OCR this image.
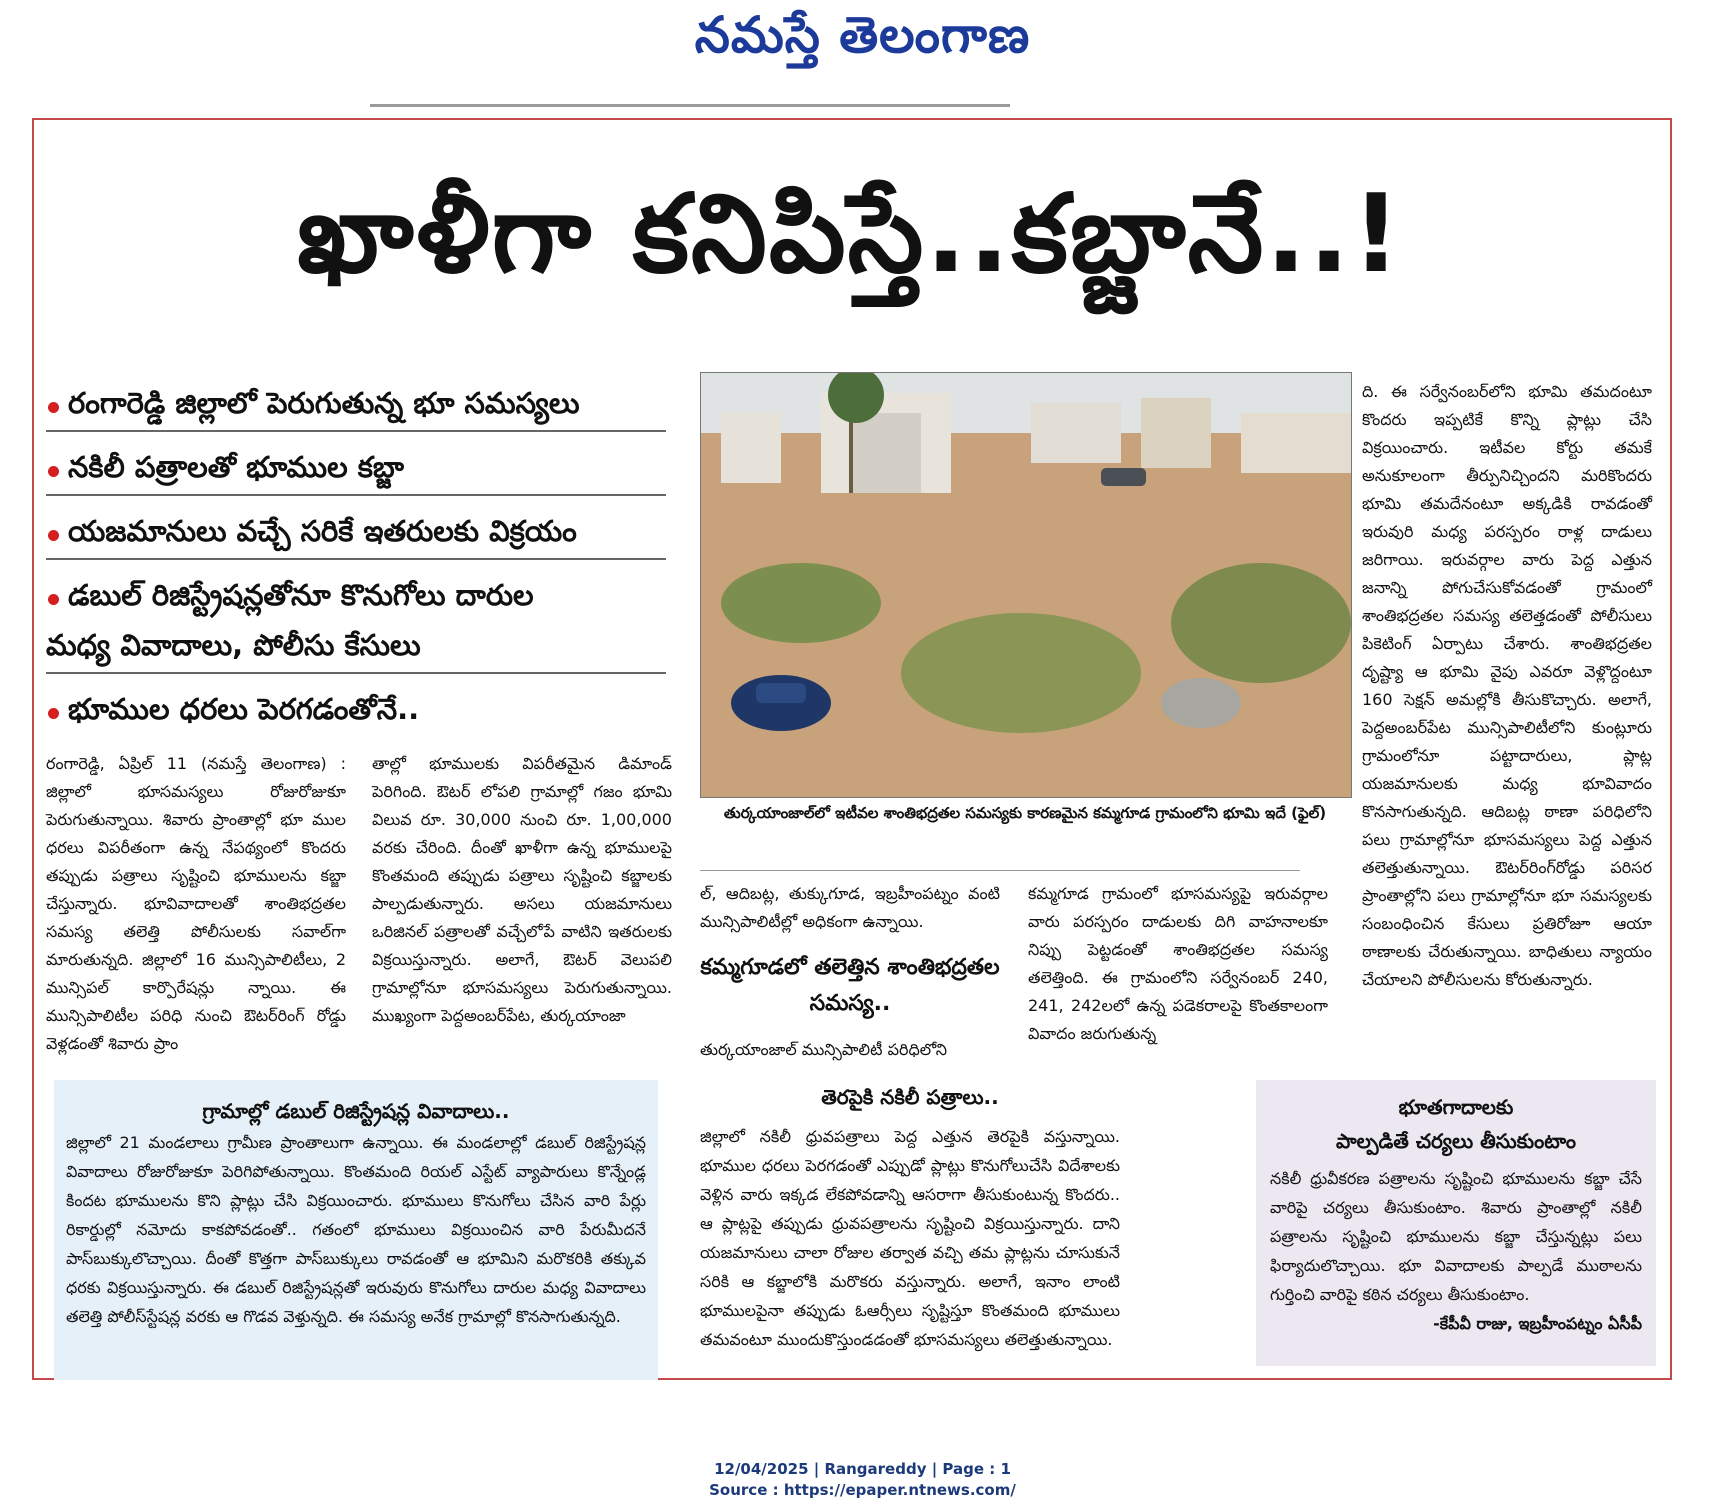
నమస్తే తెలంగాణ
ఖాళీగా కనిపిస్తే..కబ్జానే..!
రంగారెడ్డి జిల్లాలో పెరుగుతున్న భూ సమస్యలు
నకిలీ పత్రాలతో భూముల కబ్జా
యజమానులు వచ్చే సరికే ఇతరులకు విక్రయం
డబుల్ రిజిస్ట్రేషన్లతోనూ కొనుగోలు దారుల
మధ్య వివాదాలు, పోలీసు కేసులు
భూముల ధరలు పెరగడంతోనే..
తుర్కయాంజాల్‌లో ఇటీవల శాంతిభద్రతల సమస్యకు కారణమైన కమ్మగూడ గ్రామంలోని భూమి ఇదే (ఫైల్)
రంగారెడ్డి, ఏప్రిల్ 11 (నమస్తే తెలంగాణ) : జిల్లాలో భూసమస్యలు రోజురోజుకూ పెరుగుతున్నాయి. శివారు ప్రాంతాల్లో భూ ముల ధరలు విపరీతంగా ఉన్న నేపథ్యంలో కొందరు తప్పుడు పత్రాలు సృష్టించి భూములను కబ్జా చేస్తున్నారు. భూవివాదాలతో శాంతిభద్రతల సమస్య తలెత్తి పోలీసులకు సవాల్‌గా మారుతున్నది. జిల్లాలో 16 మున్సిపాలిటీలు, 2 మున్సిపల్ కార్పొరేషన్లు న్నాయి. ఈ మున్సిపాలిటీల పరిధి నుంచి ఔటర్‌రింగ్ రోడ్డు వెళ్లడంతో శివారు ప్రాం
తాల్లో భూములకు విపరీతమైన డిమాండ్ పెరిగింది. ఔటర్ లోపలి గ్రామాల్లో గజం భూమి విలువ రూ. 30,000 నుంచి రూ. 1,00,000 వరకు చేరింది. దీంతో ఖాళీగా ఉన్న భూములపై కొంతమంది తప్పుడు పత్రాలు సృష్టించి కబ్జాలకు పాల్పడుతున్నారు. అసలు యజమానులు ఒరిజినల్ పత్రాలతో వచ్చేలోపే వాటిని ఇతరులకు విక్రయిస్తున్నారు. అలాగే, ఔటర్ వెలుపలి గ్రామాల్లోనూ భూసమస్యలు పెరుగుతున్నాయి. ముఖ్యంగా పెద్దఅంబర్‌పేట, తుర్కయాంజా
ల్, ఆదిబట్ల, తుక్కుగూడ, ఇబ్రహీంపట్నం వంటి మున్సిపాలిటీల్లో అధికంగా ఉన్నాయి.
కమ్మగూడలో తలెత్తిన శాంతిభద్రతల సమస్య..
తుర్కయాంజాల్ మున్సిపాలిటీ పరిధిలోని
కమ్మగూడ గ్రామంలో భూసమస్యపై ఇరువర్గాల వారు పరస్పరం దాడులకు దిగి వాహనాలకూ నిప్పు పెట్టడంతో శాంతిభద్రతల సమస్య తలెత్తింది. ఈ గ్రామంలోని సర్వేనంబర్ 240, 241, 242లలో ఉన్న పడెకరాలపై కొంతకాలంగా వివాదం జరుగుతున్న
ది. ఈ సర్వేనంబర్‌లోని భూమి తమదంటూ కొందరు ఇప్పటికే కొన్ని ప్లాట్లు చేసి విక్రయించారు. ఇటీవల కోర్టు తమకే అనుకూలంగా తీర్పునిచ్చిందని మరికొందరు భూమి తమదేనంటూ అక్కడికి రావడంతో ఇరువురి మధ్య పరస్పరం రాళ్ల దాడులు జరిగాయి. ఇరువర్గాల వారు పెద్ద ఎత్తున జనాన్ని పోగుచేసుకోవడంతో గ్రామంలో శాంతిభద్రతల సమస్య తలెత్తడంతో పోలీసులు పికెటింగ్ ఏర్పాటు చేశారు. శాంతిభద్రతల దృష్ట్యా ఆ భూమి వైపు ఎవరూ వెళ్లొద్దంటూ 160 సెక్షన్ అమల్లోకి తీసుకొచ్చారు. అలాగే, పెద్దఅంబర్‌పేట మున్సిపాలిటీలోని కుంట్లూరు గ్రామంలోనూ పట్టాదారులు, ప్లాట్ల యజమానులకు మధ్య భూవివాదం కొనసాగుతున్నది. ఆదిబట్ల ఠాణా పరిధిలోని పలు గ్రామాల్లోనూ భూసమస్యలు పెద్ద ఎత్తున తలెత్తుతున్నాయి. ఔటర్‌రింగ్‌రోడ్డు పరిసర ప్రాంతాల్లోని పలు గ్రామాల్లోనూ భూ సమస్యలకు సంబంధించిన కేసులు ప్రతిరోజూ ఆయా ఠాణాలకు చేరుతున్నాయి. బాధితులు న్యాయం చేయాలని పోలీసులను కోరుతున్నారు.
గ్రామాల్లో డబుల్ రిజిస్ట్రేషన్ల వివాదాలు..

జిల్లాలో 21 మండలాలు గ్రామీణ ప్రాంతాలుగా ఉన్నాయి. ఈ మండలాల్లో డబుల్ రిజిస్ట్రేషన్ల వివాదాలు రోజురోజుకూ పెరిగిపోతున్నాయి. కొంతమంది రియల్ ఎస్టేట్ వ్యాపారులు కొన్నేండ్ల కిందట భూములను కొని ప్లాట్లు చేసి విక్రయించారు. భూములు కొనుగోలు చేసిన వారి పేర్లు రికార్డుల్లో నమోదు కాకపోవడంతో.. గతంలో భూములు విక్రయించిన వారి పేరుమీదనే పాస్‌బుక్కులొచ్చాయి. దీంతో కొత్తగా పాస్‌బుక్కులు రావడంతో ఆ భూమిని మరొకరికి తక్కువ ధరకు విక్రయిస్తున్నారు. ఈ డబుల్ రిజిస్ట్రేషన్లతో ఇరువురు కొనుగోలు దారుల మధ్య వివాదాలు తలెత్తి పోలీస్‌స్టేషన్ల వరకు ఆ గొడవ వెళ్తున్నది. ఈ సమస్య అనేక గ్రామాల్లో కొనసాగుతున్నది.

తెరపైకి నకిలీ పత్రాలు..

జిల్లాలో నకిలీ ధ్రువపత్రాలు పెద్ద ఎత్తున తెరపైకి వస్తున్నాయి. భూముల ధరలు పెరగడంతో ఎప్పుడో ప్లాట్లు కొనుగోలుచేసి విదేశాలకు వెళ్లిన వారు ఇక్కడ లేకపోవడాన్ని ఆసరాగా తీసుకుంటున్న కొందరు.. ఆ ప్లాట్లపై తప్పుడు ధ్రువపత్రాలను సృష్టించి విక్రయిస్తున్నారు. దాని యజమానులు చాలా రోజుల తర్వాత వచ్చి తమ ప్లాట్లను చూసుకునే సరికి ఆ కబ్జాలోకి మరొకరు వస్తున్నారు. అలాగే, ఇనాం లాంటి భూములపైనా తప్పుడు ఓఆర్సీలు సృష్టిస్తూ కొంతమంది భూములు తమవంటూ ముందుకొస్తుండడంతో భూసమస్యలు తలెత్తుతున్నాయి.

భూతగాదాలకు
పాల్పడితే చర్యలు తీసుకుంటాం

నకిలీ ధ్రువీకరణ పత్రాలను సృష్టించి భూములను కబ్జా చేసే వారిపై చర్యలు తీసుకుంటాం. శివారు ప్రాంతాల్లో నకిలీ పత్రాలను సృష్టించి భూములను కబ్జా చేస్తున్నట్లు పలు ఫిర్యాదులొచ్చాయి. భూ వివాదాలకు పాల్పడే ముఠాలను గుర్తించి వారిపై కఠిన చర్యలు తీసుకుంటాం.

-కేపీవీ రాజు, ఇబ్రహీంపట్నం ఏసీపీ

12/04/2025 | Rangareddy | Page : 1
Source : https://epaper.ntnews.com/
